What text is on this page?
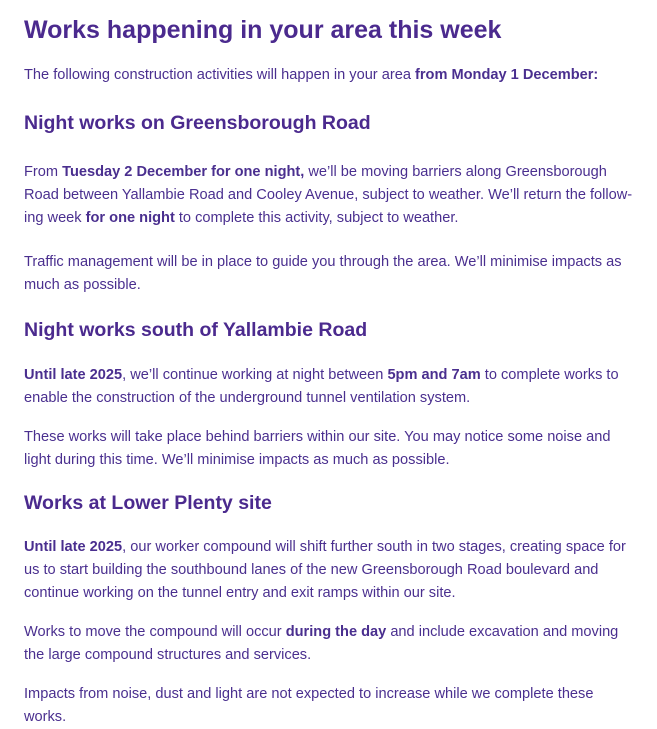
Works happening in your area this week

The following construction activities will happen in your area from Monday 1 December:

Night works on Greensborough Road

From Tuesday 2 December for one night, we’ll be moving barriers along Greensborough Road between Yallambie Road and Cooley Avenue, subject to weather. We’ll return the follow-ing week for one night to complete this activity, subject to weather.

Traffic management will be in place to guide you through the area. We’ll minimise impacts as much as possible.

Night works south of Yallambie Road

Until late 2025, we’ll continue working at night between 5pm and 7am to complete works to enable the construction of the underground tunnel ventilation system.

These works will take place behind barriers within our site. You may notice some noise and light during this time. We’ll minimise impacts as much as possible.

Works at Lower Plenty site

Until late 2025, our worker compound will shift further south in two stages, creating space for us to start building the southbound lanes of the new Greensborough Road boulevard and continue working on the tunnel entry and exit ramps within our site.

Works to move the compound will occur during the day and include excavation and moving the large compound structures and services.

Impacts from noise, dust and light are not expected to increase while we complete these works.
